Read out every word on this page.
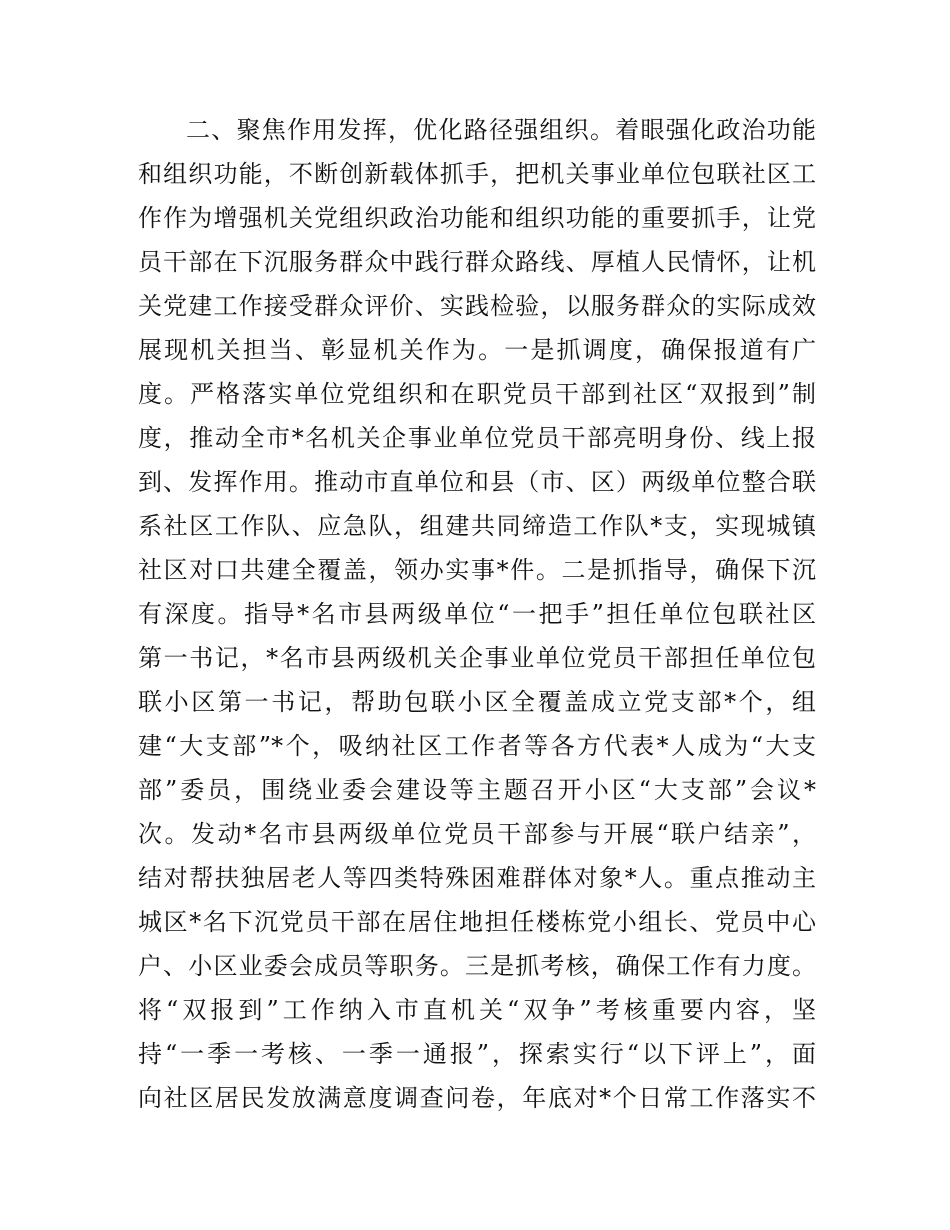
二、聚焦作用发挥，优化路径强组织。着眼强化政治功能
和组织功能，不断创新载体抓手，把机关事业单位包联社区工
作作为增强机关党组织政治功能和组织功能的重要抓手，让党
员干部在下沉服务群众中践行群众路线、厚植人民情怀，让机
关党建工作接受群众评价、实践检验，以服务群众的实际成效
展现机关担当、彰显机关作为。一是抓调度，确保报道有广
度。严格落实单位党组织和在职党员干部到社区“双报到”制
度，推动全市*名机关企事业单位党员干部亮明身份、线上报
到、发挥作用。推动市直单位和县（市、区）两级单位整合联
系社区工作队、应急队，组建共同缔造工作队*支，实现城镇
社区对口共建全覆盖，领办实事*件。二是抓指导，确保下沉
有深度。指导*名市县两级单位“一把手”担任单位包联社区
第一书记，*名市县两级机关企事业单位党员干部担任单位包
联小区第一书记，帮助包联小区全覆盖成立党支部*个，组
建“大支部”*个，吸纳社区工作者等各方代表*人成为“大支
部”委员，围绕业委会建设等主题召开小区“大支部”会议*
次。发动*名市县两级单位党员干部参与开展“联户结亲”，
结对帮扶独居老人等四类特殊困难群体对象*人。重点推动主
城区*名下沉党员干部在居住地担任楼栋党小组长、党员中心
户、小区业委会成员等职务。三是抓考核，确保工作有力度。
将“双报到”工作纳入市直机关“双争”考核重要内容，坚
持“一季一考核、一季一通报”，探索实行“以下评上”，面
向社区居民发放满意度调查问卷，年底对*个日常工作落实不
